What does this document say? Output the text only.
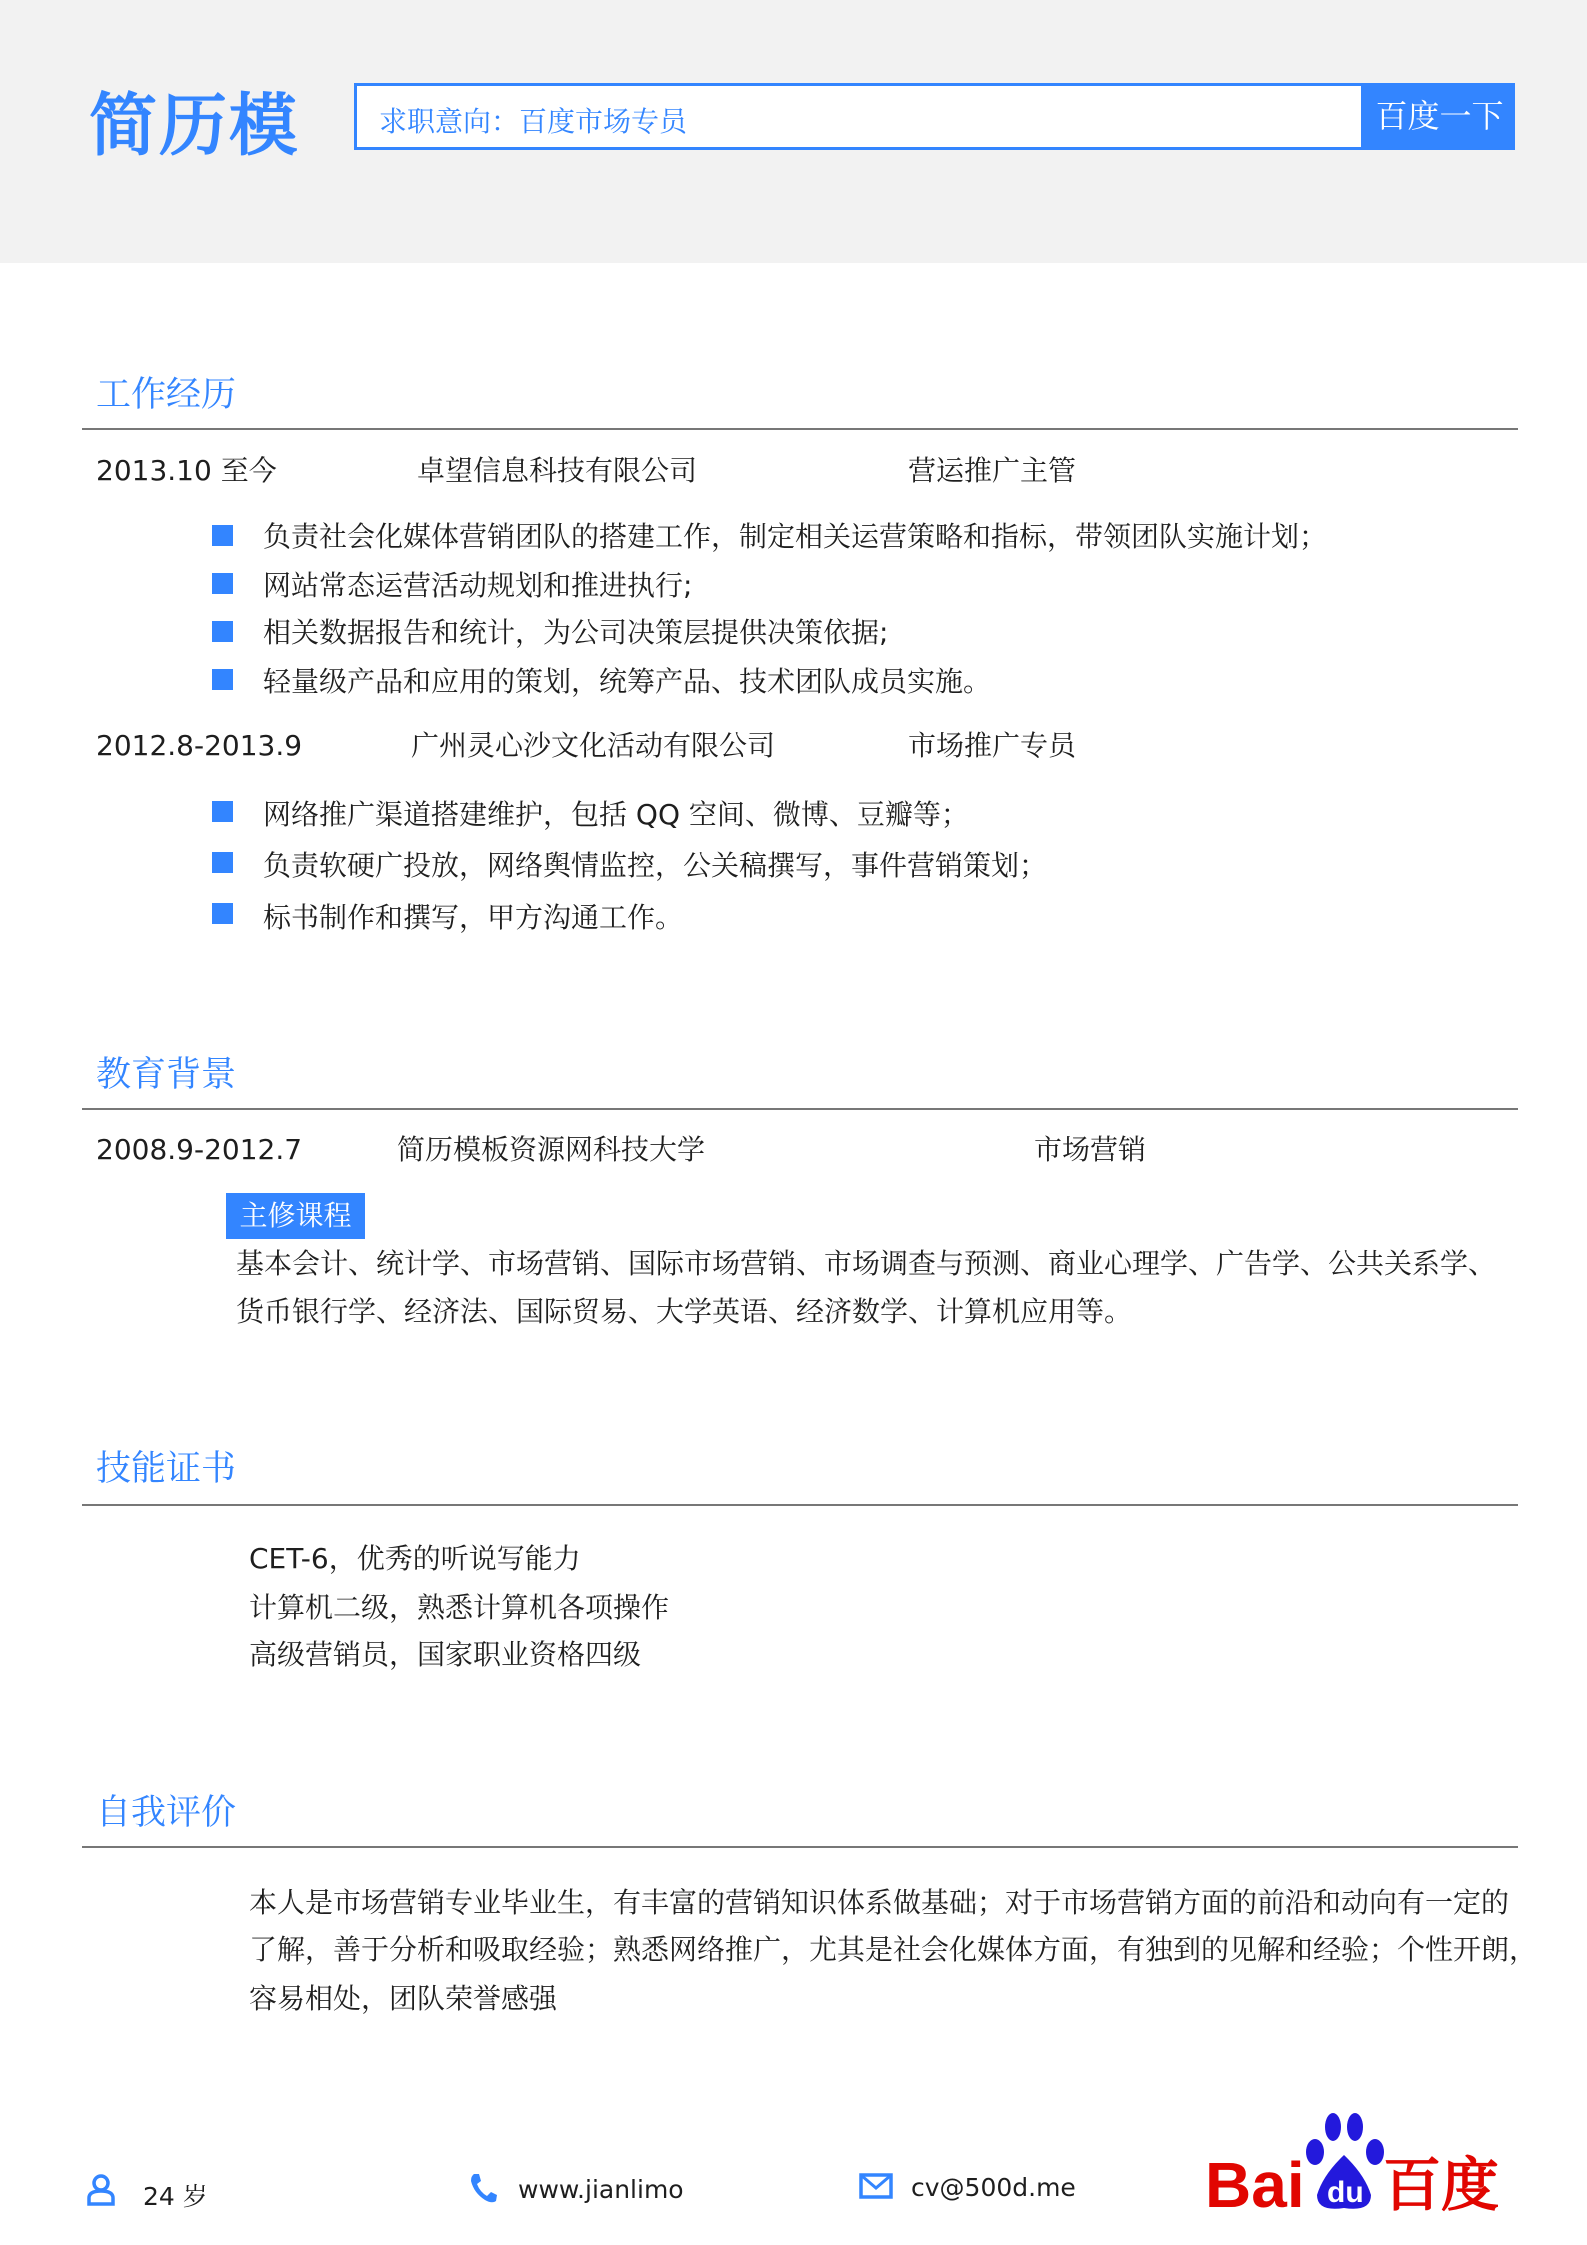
简历模	求职意向：百度市场专员	百度一下
工作经历
2013.10 至今	卓望信息科技有限公司	营运推广主管
负责社会化媒体营销团队的搭建工作，制定相关运营策略和指标，带领团队实施计划；
网站常态运营活动规划和推进执行;
相关数据报告和统计，为公司决策层提供决策依据;
轻量级产品和应用的策划，统筹产品、技术团队成员实施。
2012.8-2013.9	广州灵心沙文化活动有限公司	市场推广专员
网络推广渠道搭建维护，包括 QQ 空间、微博、豆瓣等；
负责软硬广投放，网络舆情监控，公关稿撰写，事件营销策划；
标书制作和撰写，甲方沟通工作。
教育背景
2008.9-2012.7	简历模板资源网科技大学	市场营销
主修课程
基本会计、统计学、市场营销、国际市场营销、市场调查与预测、商业心理学、广告学、公共关系学、
货币银行学、经济法、国际贸易、大学英语、经济数学、计算机应用等。
技能证书
CET-6，优秀的听说写能力
计算机二级，熟悉计算机各项操作
高级营销员，国家职业资格四级
自我评价
本人是市场营销专业毕业生，有丰富的营销知识体系做基础；对于市场营销方面的前沿和动向有一定的
了解，善于分析和吸取经验；熟悉网络推广，尤其是社会化媒体方面，有独到的见解和经验；个性开朗，
容易相处，团队荣誉感强
24 岁	www.jianlimo	cv@500d.me Bai du 百度
